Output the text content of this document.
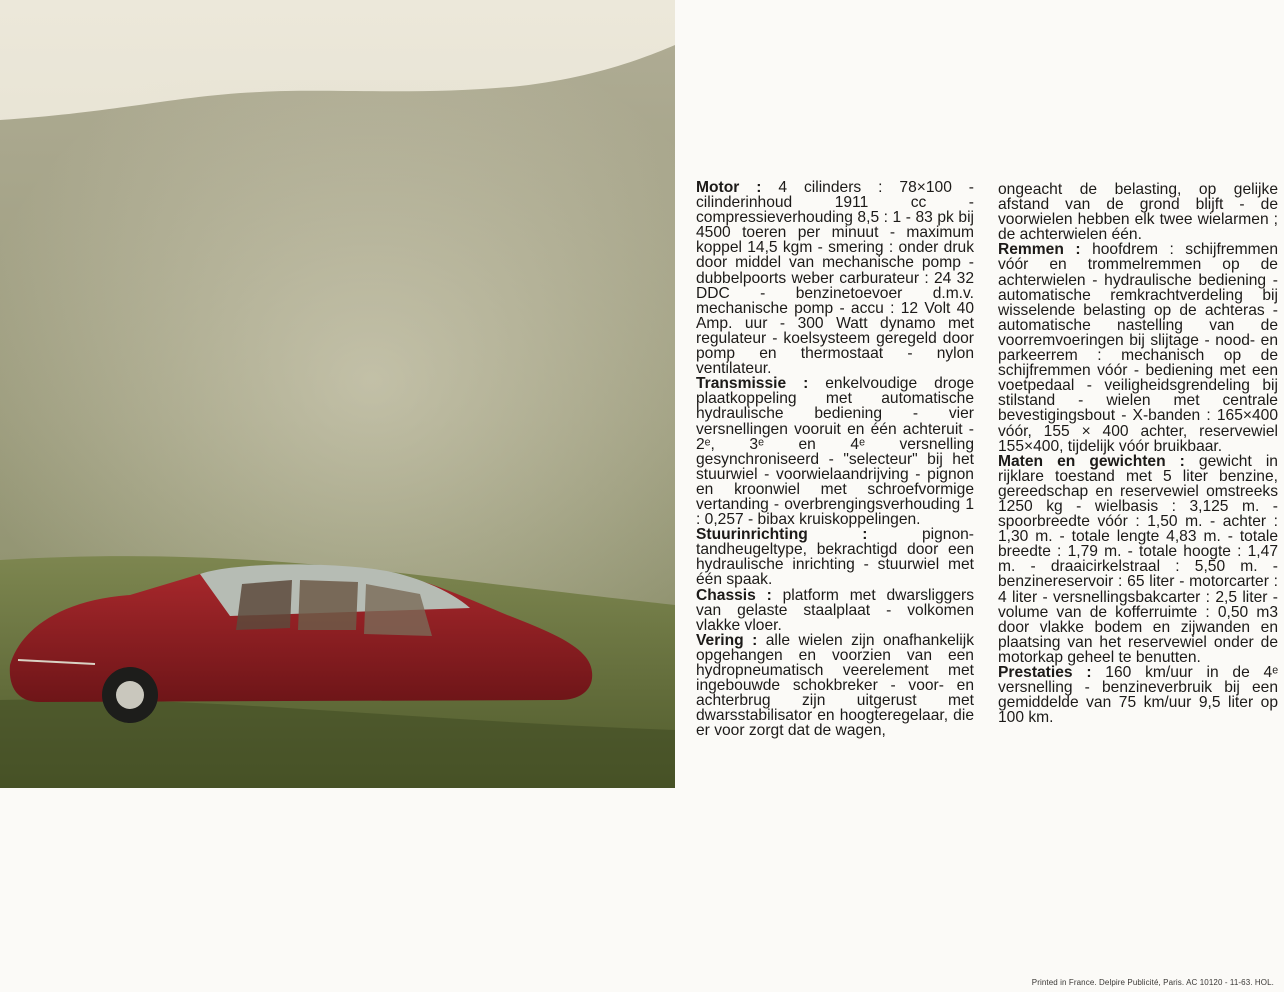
Motor : 4 cilinders : 78×100 - cilinderinhoud 1911 cc - compressieverhouding 8,5 : 1 - 83 pk bij 4500 toeren per minuut - maximum koppel 14,5 kgm - smering : onder druk door middel van mechanische pomp - dubbelpoorts weber carburateur : 24 32 DDC - benzinetoevoer d.m.v. mechanische pomp - accu : 12 Volt 40 Amp. uur - 300 Watt dynamo met regulateur - koelsysteem geregeld door pomp en thermostaat - nylon ventilateur.

Transmissie : enkelvoudige droge plaatkoppeling met automatische hydraulische bediening - vier versnellingen vooruit en één achteruit - 2ᵉ, 3ᵉ en 4ᵉ versnelling gesynchroniseerd - "selecteur" bij het stuurwiel - voorwielaandrijving - pignon en kroonwiel met schroefvormige vertanding - overbrengingsverhouding 1 : 0,257 - bibax kruiskoppelingen.

Stuurinrichting : pignon-tandheugeltype, bekrachtigd door een hydraulische inrichting - stuurwiel met één spaak.

Chassis : platform met dwarsliggers van gelaste staalplaat - volkomen vlakke vloer.

Vering : alle wielen zijn onafhankelijk opgehangen en voorzien van een hydropneumatisch veerelement met ingebouwde schokbreker - voor- en achterbrug zijn uitgerust met dwarsstabilisator en hoogteregelaar, die er voor zorgt dat de wagen,

ongeacht de belasting, op gelijke afstand van de grond blijft - de voorwielen hebben elk twee wielarmen ; de achterwielen één.

Remmen : hoofdrem : schijfremmen vóór en trommelremmen op de achterwielen - hydraulische bediening - automatische remkrachtverdeling bij wisselende belasting op de achteras - automatische nastelling van de voorremvoeringen bij slijtage - nood- en parkeerrem : mechanisch op de schijfremmen vóór - bediening met een voetpedaal - veiligheidsgrendeling bij stilstand - wielen met centrale bevestigingsbout - X-banden : 165×400 vóór, 155 × 400 achter, reservewiel 155×400, tijdelijk vóór bruikbaar.

Maten en gewichten : gewicht in rijklare toestand met 5 liter benzine, gereedschap en reservewiel omstreeks 1250 kg - wielbasis : 3,125 m. - spoorbreedte vóór : 1,50 m. - achter : 1,30 m. - totale lengte 4,83 m. - totale breedte : 1,79 m. - totale hoogte : 1,47 m. - draaicirkelstraal : 5,50 m. - benzinereservoir : 65 liter - motorcarter : 4 liter - versnellingsbakcarter : 2,5 liter - volume van de kofferruimte : 0,50 m3 door vlakke bodem en zijwanden en plaatsing van het reservewiel onder de motorkap geheel te benutten.

Prestaties : 160 km/uur in de 4ᵉ versnelling - benzineverbruik bij een gemiddelde van 75 km/uur 9,5 liter op 100 km.

Printed in France. Delpire Publicité, Paris. AC 10120 - 11-63. HOL.
